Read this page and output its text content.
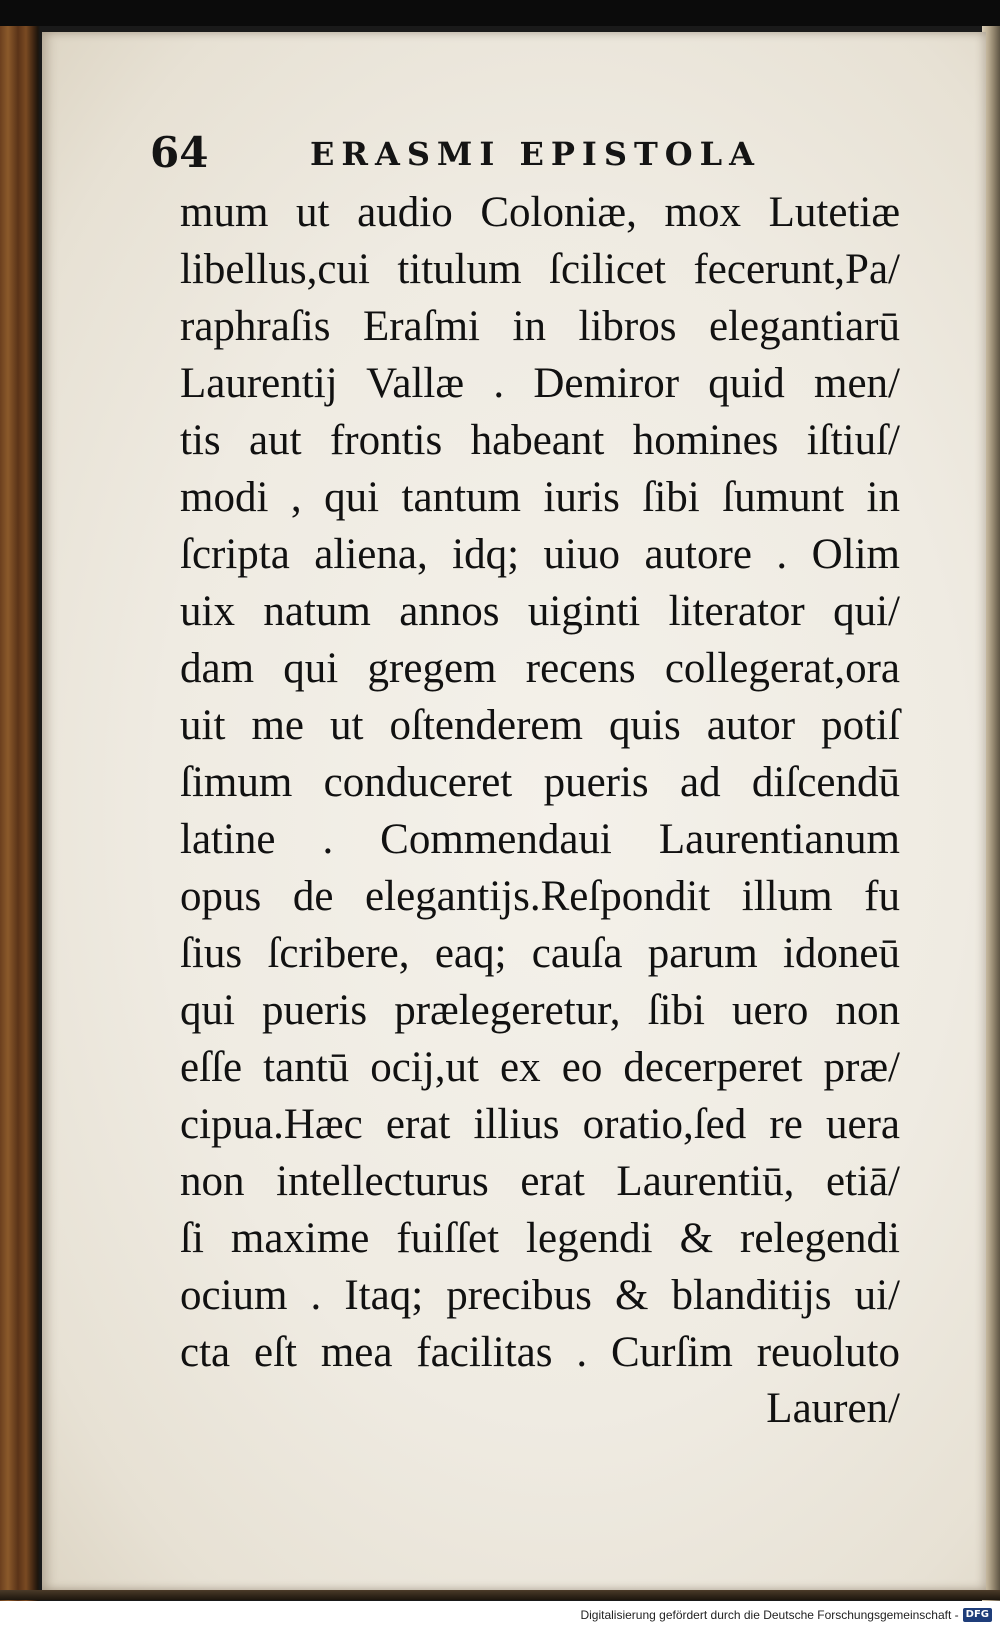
64	ERASMI EPISTOLA
mum ut audio Coloniæ, mox Lutetiæ
libellus,cui titulum ſcilicet fecerunt,Pa/
raphraſis Eraſmi in libros elegantiarū
Laurentij Vallæ . Demiror quid men/
tis aut frontis habeant homines iſtiuſ/
modi , qui tantum iuris ſibi ſumunt in
ſcripta aliena, idq; uiuo autore . Olim
uix natum annos uiginti literator qui/
dam qui gregem recens collegerat,ora
uit me ut oſtenderem quis autor potiſ
ſimum conduceret pueris ad diſcendū
latine . Commendaui Laurentianum
opus de elegantijs.Reſpondit illum fu
ſius ſcribere, eaq; cauſa parum idoneū
qui pueris prælegeretur, ſibi uero non
eſſe tantū ocij,ut ex eo decerperet præ/
cipua.Hæc erat illius oratio,ſed re uera
non intellecturus erat Laurentiū, etiā/
ſi maxime fuiſſet legendi & relegendi
ocium . Itaq; precibus & blanditijs ui/
cta eſt mea facilitas . Curſim reuoluto
Lauren/
Digitalisierung gefördert durch die Deutsche Forschungsgemeinschaft - DFG
